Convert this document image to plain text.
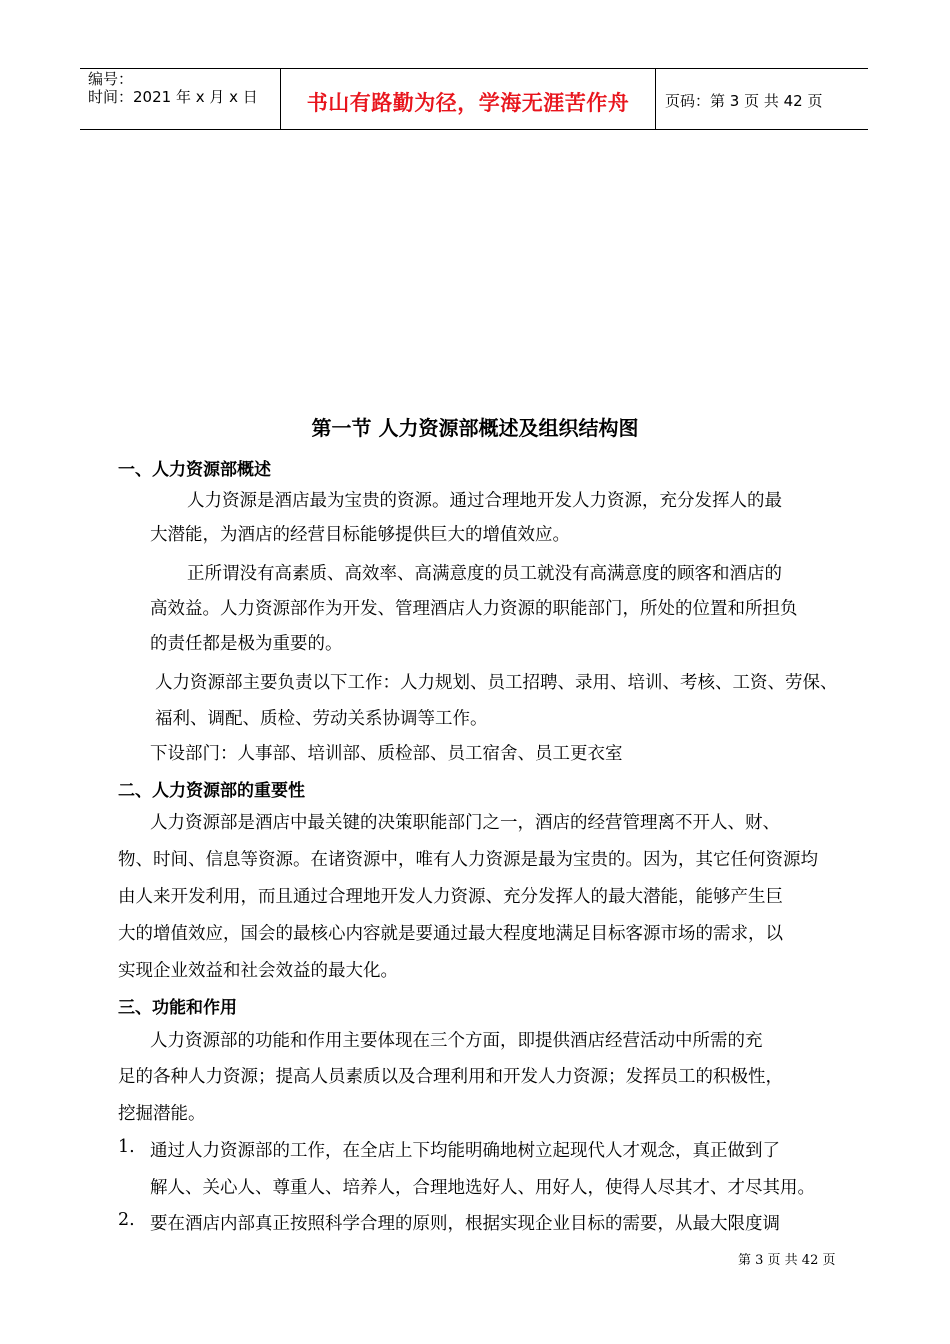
编号：
时间：2021 年 x 月 x 日	书山有路勤为径，学海无涯苦作舟	页码：第 3 页 共 42 页
第一节 人力资源部概述及组织结构图
一、人力资源部概述
人力资源是酒店最为宝贵的资源。通过合理地开发人力资源，充分发挥人的最
大潜能，为酒店的经营目标能够提供巨大的增值效应。
正所谓没有高素质、高效率、高满意度的员工就没有高满意度的顾客和酒店的
高效益。人力资源部作为开发、管理酒店人力资源的职能部门，所处的位置和所担负
的责任都是极为重要的。
人力资源部主要负责以下工作：人力规划、员工招聘、录用、培训、考核、工资、劳保、
福利、调配、质检、劳动关系协调等工作。
下设部门：人事部、培训部、质检部、员工宿舍、员工更衣室
二、人力资源部的重要性
人力资源部是酒店中最关键的决策职能部门之一，酒店的经营管理离不开人、财、
物、时间、信息等资源。在诸资源中，唯有人力资源是最为宝贵的。因为，其它任何资源均
由人来开发利用，而且通过合理地开发人力资源、充分发挥人的最大潜能，能够产生巨
大的增值效应，国会的最核心内容就是要通过最大程度地满足目标客源市场的需求，以
实现企业效益和社会效益的最大化。
三、功能和作用
人力资源部的功能和作用主要体现在三个方面，即提供酒店经营活动中所需的充
足的各种人力资源；提高人员素质以及合理利用和开发人力资源；发挥员工的积极性，
挖掘潜能。
1. 通过人力资源部的工作，在全店上下均能明确地树立起现代人才观念，真正做到了
解人、关心人、尊重人、培养人，合理地选好人、用好人，使得人尽其才、才尽其用。
2. 要在酒店内部真正按照科学合理的原则，根据实现企业目标的需要，从最大限度调
第 3 页 共 42 页
